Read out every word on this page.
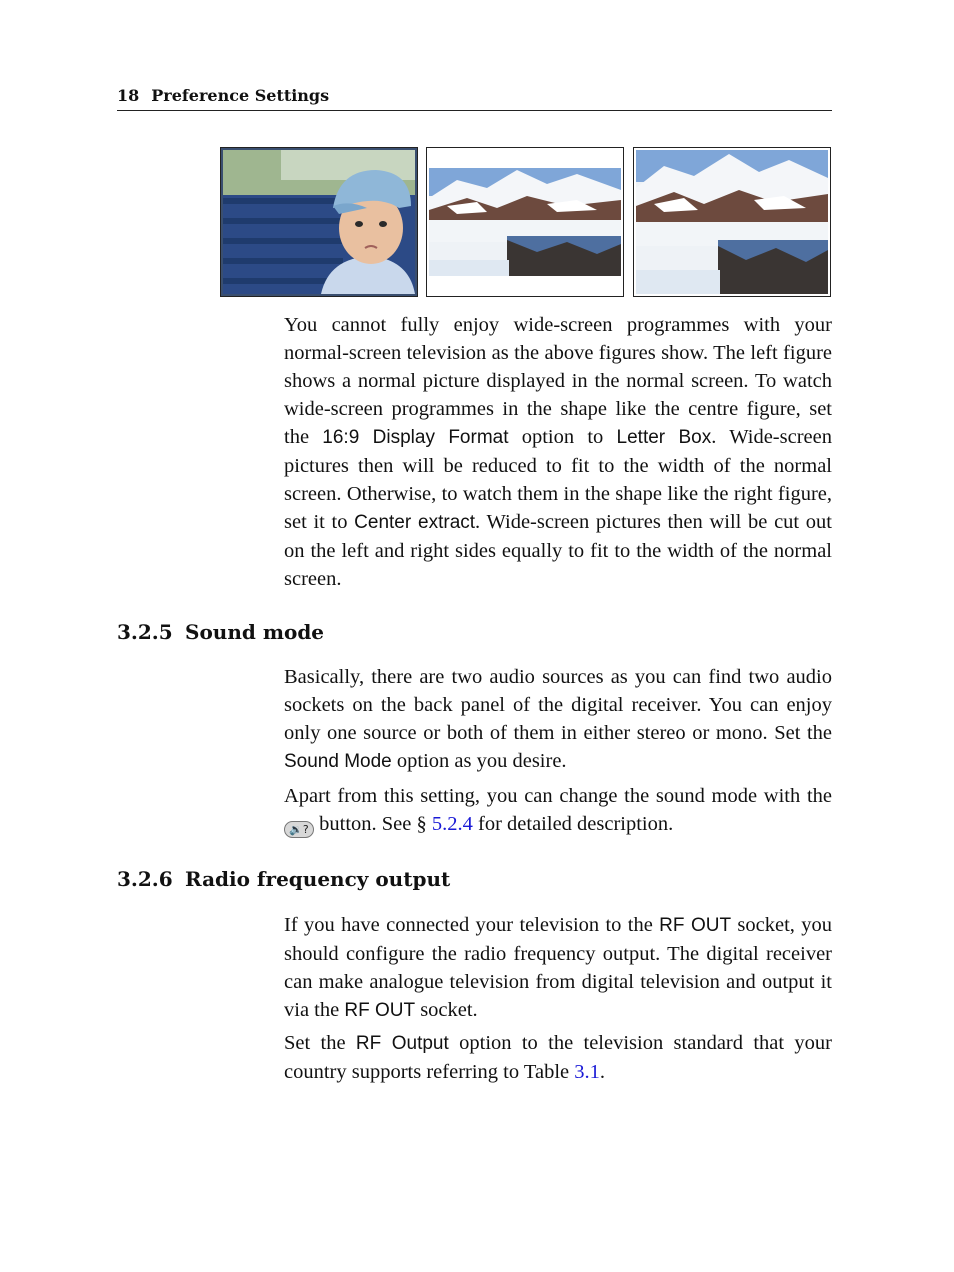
18 Preference Settings

You cannot fully enjoy wide-screen programmes with your normal-screen television as the above figures show. The left figure shows a normal picture displayed in the normal screen. To watch wide-screen programmes in the shape like the centre figure, set the 16:9 Display Format option to Letter Box. Wide-screen pictures then will be reduced to fit to the width of the normal screen. Otherwise, to watch them in the shape like the right figure, set it to Center extract. Wide-screen pictures then will be cut out on the left and right sides equally to fit to the width of the normal screen.

3.2.5 Sound mode

Basically, there are two audio sources as you can find two audio sockets on the back panel of the digital receiver. You can enjoy only one source or both of them in either stereo or mono. Set the Sound Mode option as you desire.

Apart from this setting, you can change the sound mode with the 🔉? button. See § 5.2.4 for detailed description.

3.2.6 Radio frequency output

If you have connected your television to the RF OUT socket, you should configure the radio frequency output. The digital receiver can make analogue television from digital television and output it via the RF OUT socket.

Set the RF Output option to the television standard that your country supports referring to Table 3.1.
